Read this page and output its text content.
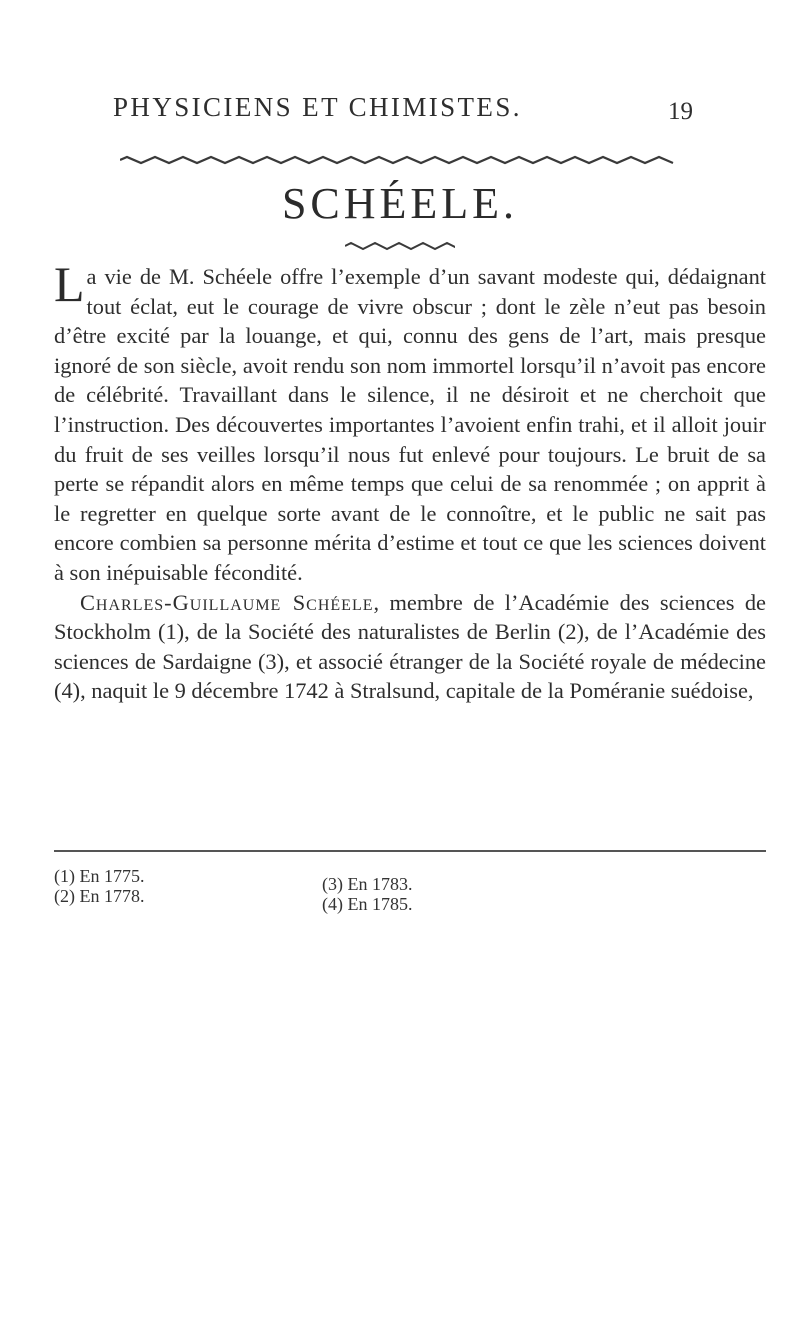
PHYSICIENS ET CHIMISTES.	19
SCHÉELE.

La vie de M. Schéele offre l’exemple d’un savant modeste qui, dédaignant tout éclat, eut le courage de vivre obscur ; dont le zèle n’eut pas besoin d’être excité par la louange, et qui, connu des gens de l’art, mais presque ignoré de son siècle, avoit rendu son nom immortel lorsqu’il n’avoit pas encore de célébrité. Travaillant dans le silence, il ne désiroit et ne cherchoit que l’instruction. Des découvertes importantes l’avoient enfin trahi, et il alloit jouir du fruit de ses veilles lorsqu’il nous fut enlevé pour toujours. Le bruit de sa perte se répandit alors en même temps que celui de sa renommée ; on apprit à le regretter en quelque sorte avant de le connoître, et le public ne sait pas encore combien sa personne mérita d’estime et tout ce que les sciences doivent à son inépuisable fécondité.

Charles-Guillaume Schéele, membre de l’Académie des sciences de Stockholm (1), de la Société des naturalistes de Berlin (2), de l’Académie des sciences de Sardaigne (3), et associé étranger de la Société royale de médecine (4), naquit le 9 décembre 1742 à Stralsund, capitale de la Poméranie suédoise,

(1) En 1775.
(2) En 1778.
(3) En 1783.
(4) En 1785.
